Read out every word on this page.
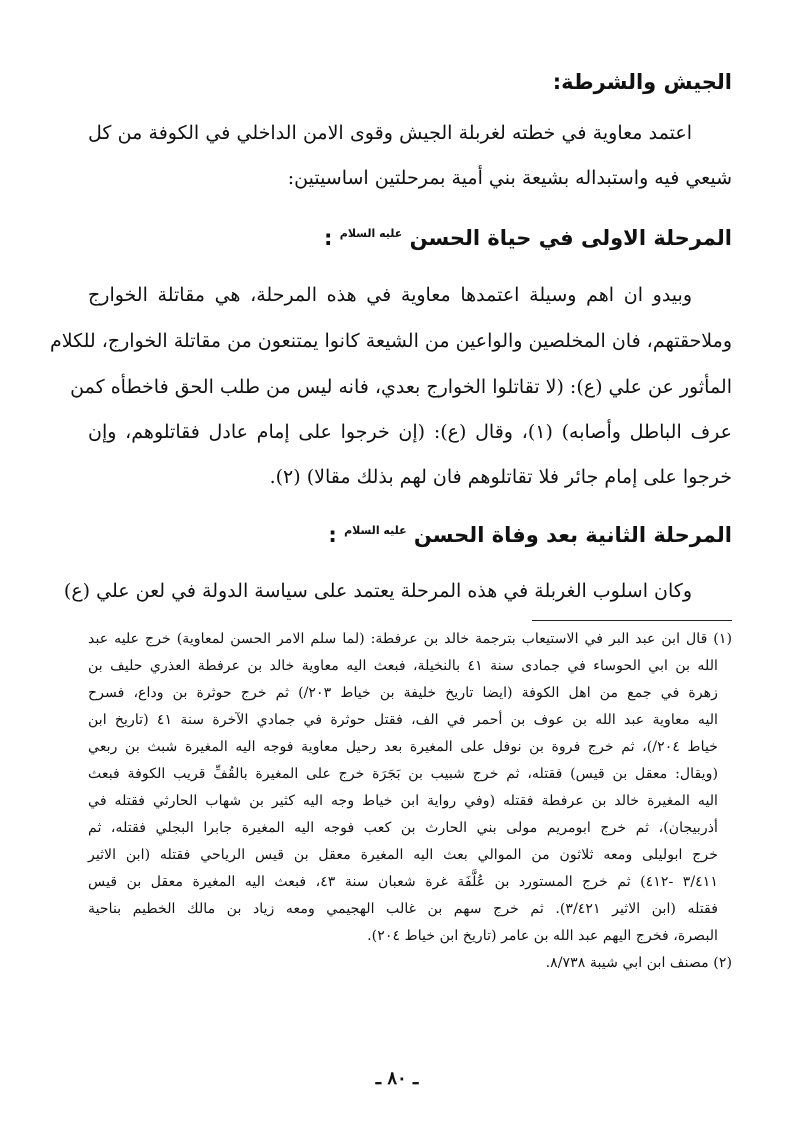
الجيش والشرطة:
اعتمد معاوية في خطته لغربلة الجيش وقوى الامن الداخلي في الكوفة من كل
شيعي فيه واستبداله بشيعة بني أمية بمرحلتين اساسيتين:
المرحلة الاولى في حياة الحسن $^{عليه السلام}$ :
وبيدو ان اهم وسيلة اعتمدها معاوية في هذه المرحلة، هي مقاتلة الخوارج
وملاحقتهم، فان المخلصين والواعين من الشيعة كانوا يمتنعون من مقاتلة الخوارج، للكلام
المأثور عن علي (ع): (لا تقاتلوا الخوارج بعدي، فانه ليس من طلب الحق فاخطأه كمن
عرف الباطل وأصابه) (١)، وقال (ع): (إن خرجوا على إمام عادل فقاتلوهم، وإن
خرجوا على إمام جائر فلا تقاتلوهم فان لهم بذلك مقالا) (٢).
المرحلة الثانية بعد وفاة الحسن $^{عليه السلام}$ :
وكان اسلوب الغربلة في هذه المرحلة يعتمد على سياسة الدولة في لعن علي (ع)
(١) قال ابن عبد البر في الاستيعاب بترجمة خالد بن عرفطة: (لما سلم الامر الحسن لمعاوية) خرج عليه عبد
الله بن ابي الحوساء في جمادى سنة ٤١ بالنخيلة، فبعث اليه معاوية خالد بن عرفطة العذري حليف بن
زهرة في جمع من اهل الكوفة (ايضا تاريخ خليفة بن خياط ٢٠٣/) ثم خرج حوثرة بن وداع، فسرح
اليه معاوية عبد الله بن عوف بن أحمر في الف، فقتل حوثرة في جمادي الآخرة سنة ٤١ (تاريخ ابن
خياط ٢٠٤/)، ثم خرج فروة بن نوفل على المغيرة بعد رحيل معاوية فوجه اليه المغيرة شبث بن ربعي
(ويقال: معقل بن قيس) فقتله، ثم خرج شبيب بن بَجَرَة خرج على المغيرة بالقُفِّ قريب الكوفة فبعث
اليه المغيرة خالد بن عرفطة فقتله (وفي رواية ابن خياط وجه اليه كثير بن شهاب الحارثي فقتله في
أذربيجان)، ثم خرج ابومريم مولى بني الحارث بن كعب فوجه اليه المغيرة جابرا البجلي فقتله، ثم
خرج ابوليلى ومعه ثلاثون من الموالي بعث اليه المغيرة معقل بن قيس الرياحي فقتله (ابن الاثير
٣/٤١١ -٤١٢) ثم خرج المستورد بن عُلَّفَة غرة شعبان سنة ٤٣، فبعث اليه المغيرة معقل بن قيس
فقتله (ابن الاثير ٣/٤٢١). ثم خرج سهم بن غالب الهجيمي ومعه زياد بن مالك الخطيم بناحية
البصرة، فخرج اليهم عبد الله بن عامر (تاريخ ابن خياط ٢٠٤).
(٢) مصنف ابن ابي شيبة ٨/٧٣٨.
ـ ٨٠ ـ
